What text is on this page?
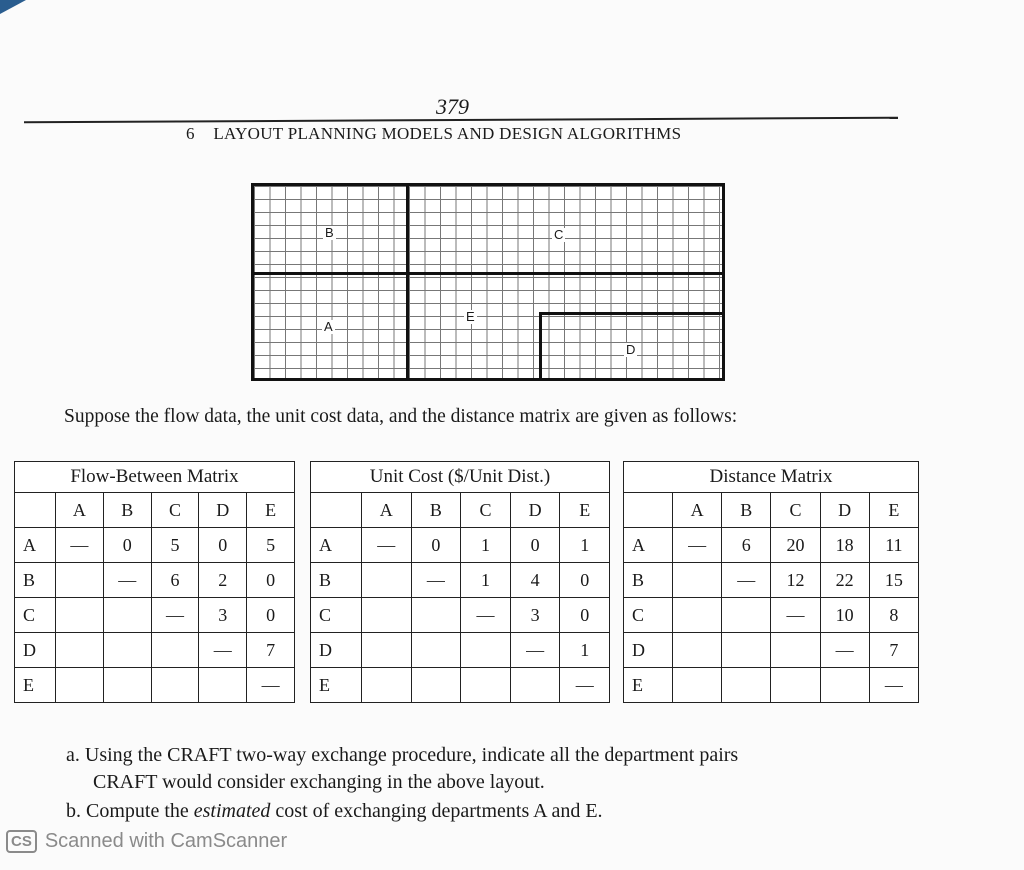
379
6 LAYOUT PLANNING MODELS AND DESIGN ALGORITHMS
B	C
A
E
D
Suppose the flow data, the unit cost data, and the distance matrix are given as follows:
Flow-Between Matrix
	A	B	C	D	E
A	—	0	5	0	5
B		—	6	2	0
C			—	3	0
D				—	7
E					—
Unit Cost ($/Unit Dist.)
	A	B	C	D	E
A	—	0	1	0	1
B		—	1	4	0
C			—	3	0
D				—	1
E					—
Distance Matrix
	A	B	C	D	E
A	—	6	20	18	11
B		—	12	22	15
C			—	10	8
D				—	7
E					—
a. Using the CRAFT two-way exchange procedure, indicate all the department pairs
CRAFT would consider exchanging in the above layout.
b. Compute the estimated cost of exchanging departments A and E.
CS Scanned with CamScanner
